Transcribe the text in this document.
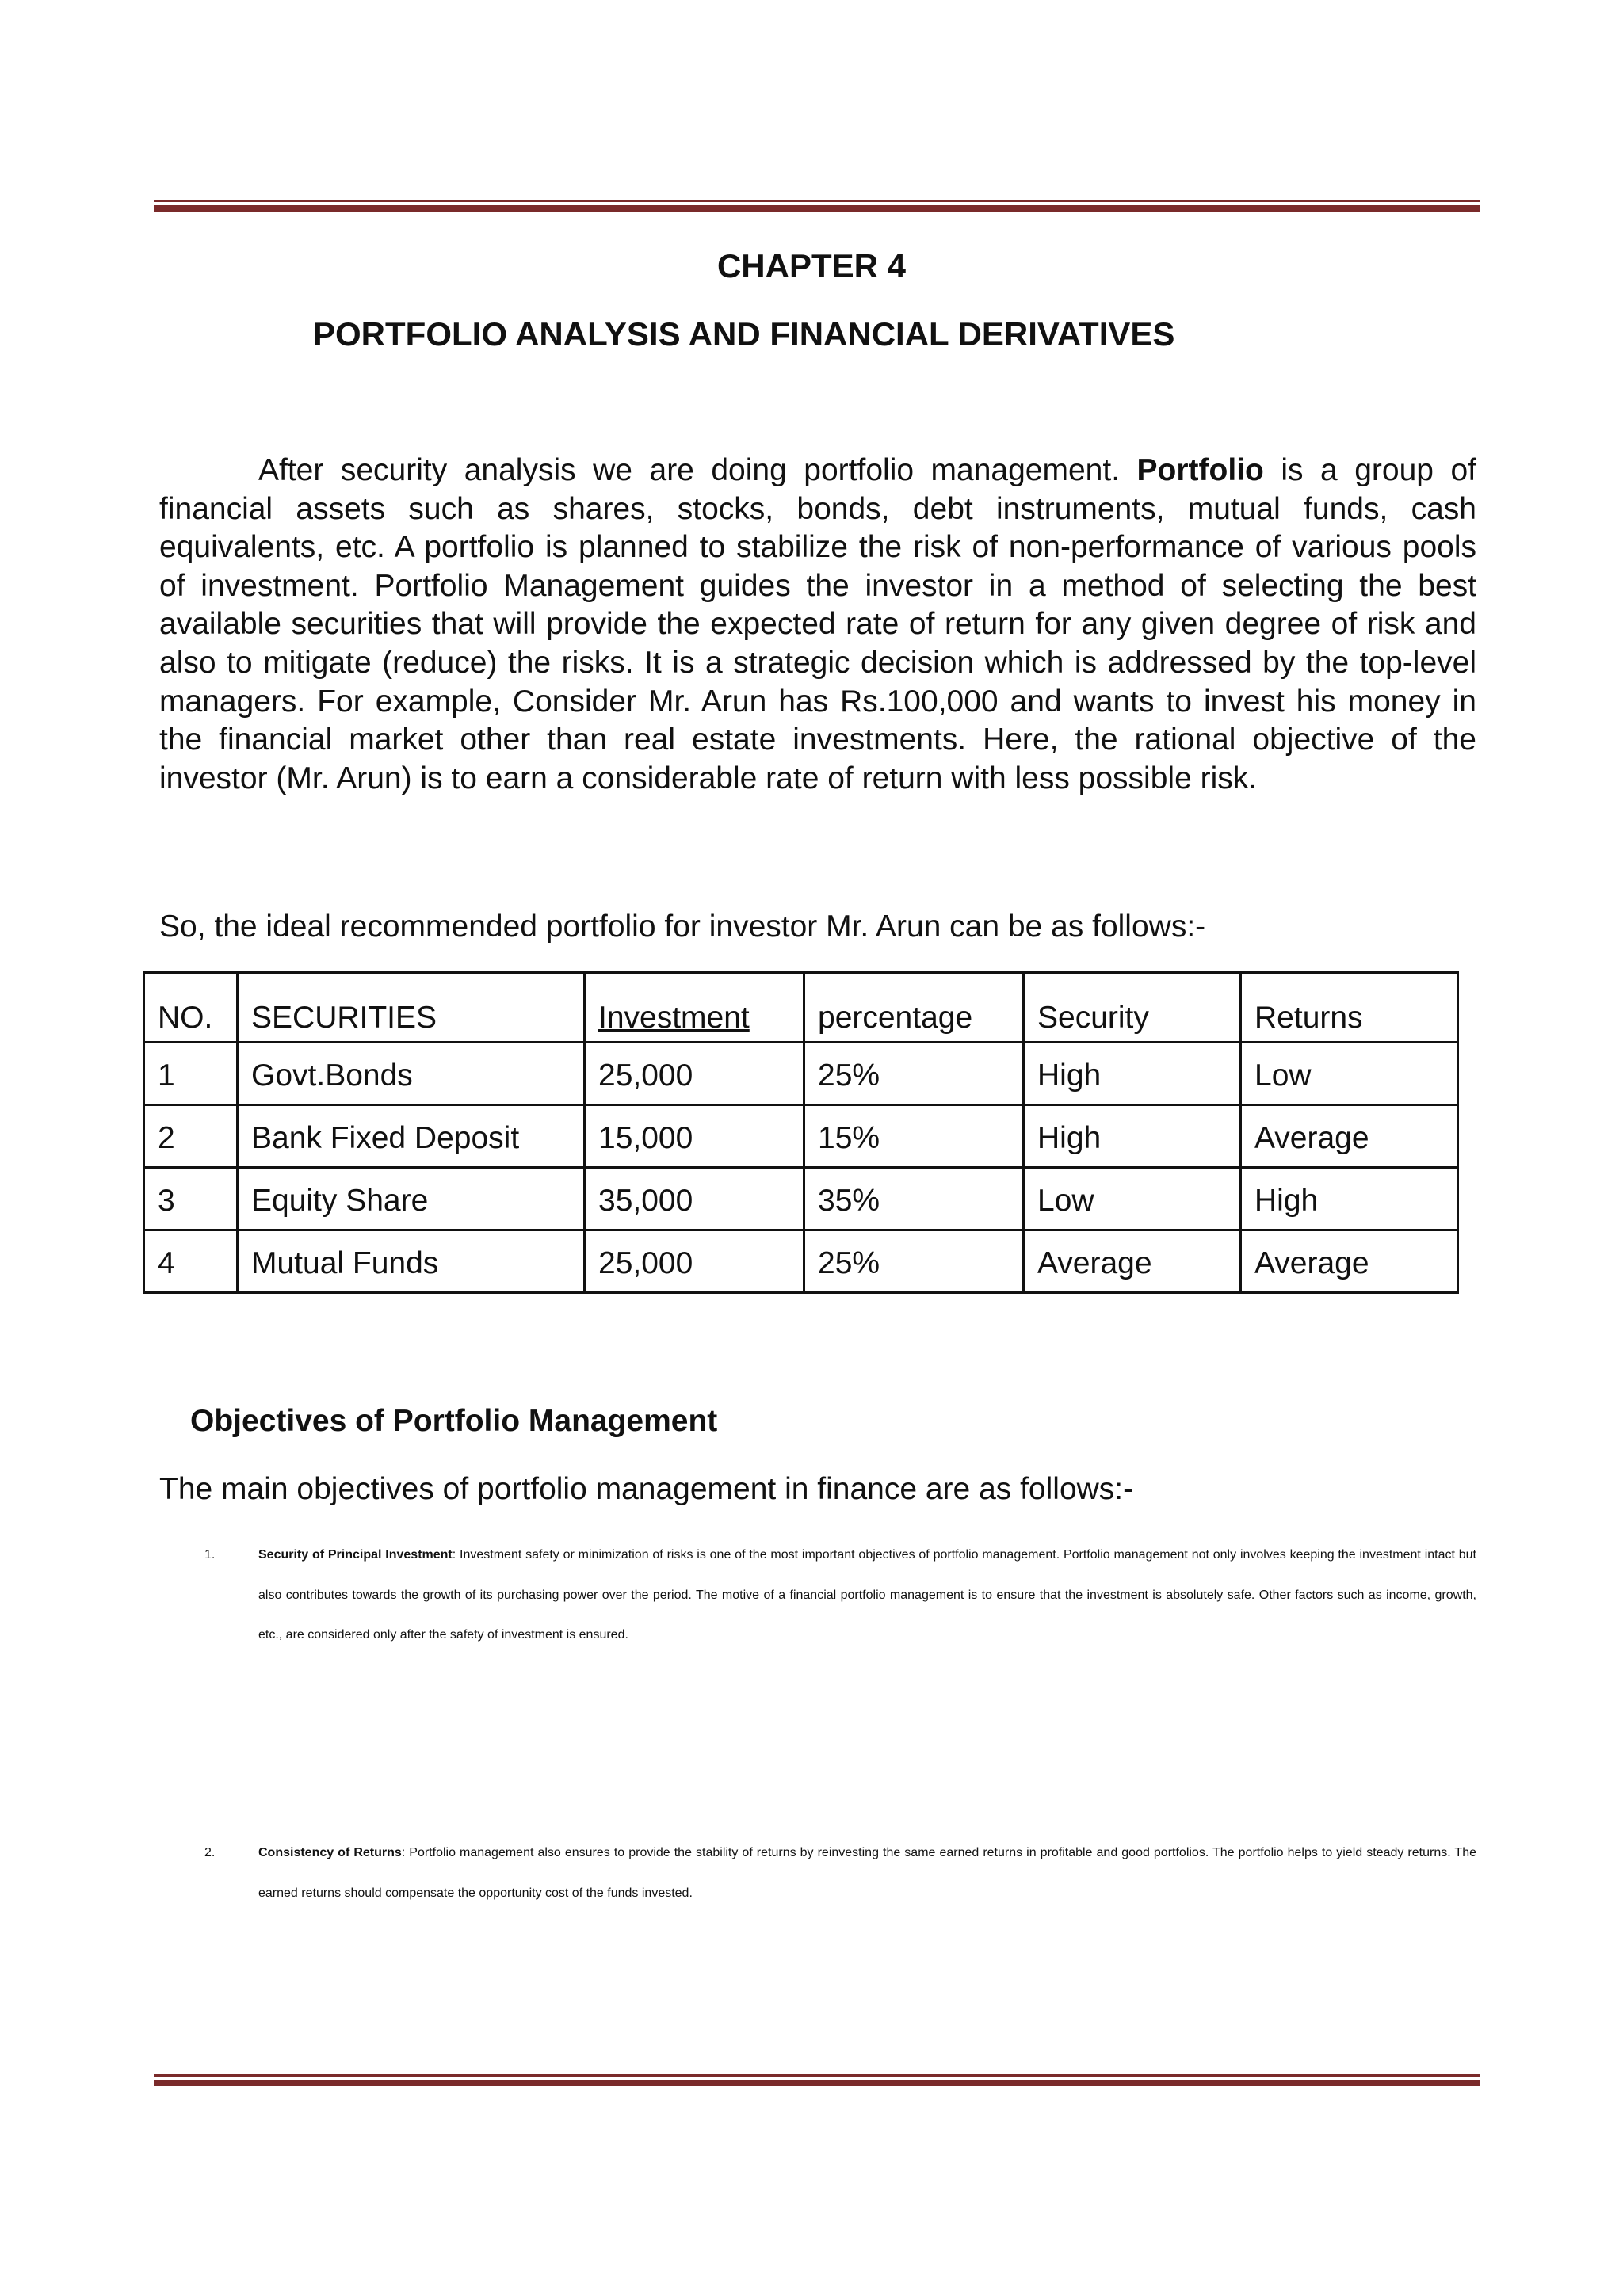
CHAPTER 4
PORTFOLIO ANALYSIS AND FINANCIAL DERIVATIVES
After security analysis we are doing portfolio management. Portfolio is a group of financial assets such as shares, stocks, bonds, debt instruments, mutual funds, cash equivalents, etc. A portfolio is planned to stabilize the risk of non-performance of various pools of investment. Portfolio Management guides the investor in a method of selecting the best available securities that will provide the expected rate of return for any given degree of risk and also to mitigate (reduce) the risks. It is a strategic decision which is addressed by the top-level managers. For example, Consider Mr. Arun has Rs.100,000 and wants to invest his money in the financial market other than real estate investments. Here, the rational objective of the investor (Mr. Arun) is to earn a considerable rate of return with less possible risk.
So, the ideal recommended portfolio for investor Mr. Arun can be as follows:-
NO.	SECURITIES	Investment	percentage	Security	Returns
1	Govt.Bonds	25,000	25%	High	Low
2	Bank Fixed Deposit	15,000	15%	High	Average
3	Equity Share	35,000	35%	Low	High
4	Mutual Funds	25,000	25%	Average	Average
Objectives of Portfolio Management
The main objectives of portfolio management in finance are as follows:-
1.	Security of Principal Investment: Investment safety or minimization of risks is one of the most important objectives of portfolio management. Portfolio management not only involves keeping the investment intact but also contributes towards the growth of its purchasing power over the period. The motive of a financial portfolio management is to ensure that the investment is absolutely safe. Other factors such as income, growth, etc., are considered only after the safety of investment is ensured.
2.	Consistency of Returns: Portfolio management also ensures to provide the stability of returns by reinvesting the same earned returns in profitable and good portfolios. The portfolio helps to yield steady returns. The earned returns should compensate the opportunity cost of the funds invested.
